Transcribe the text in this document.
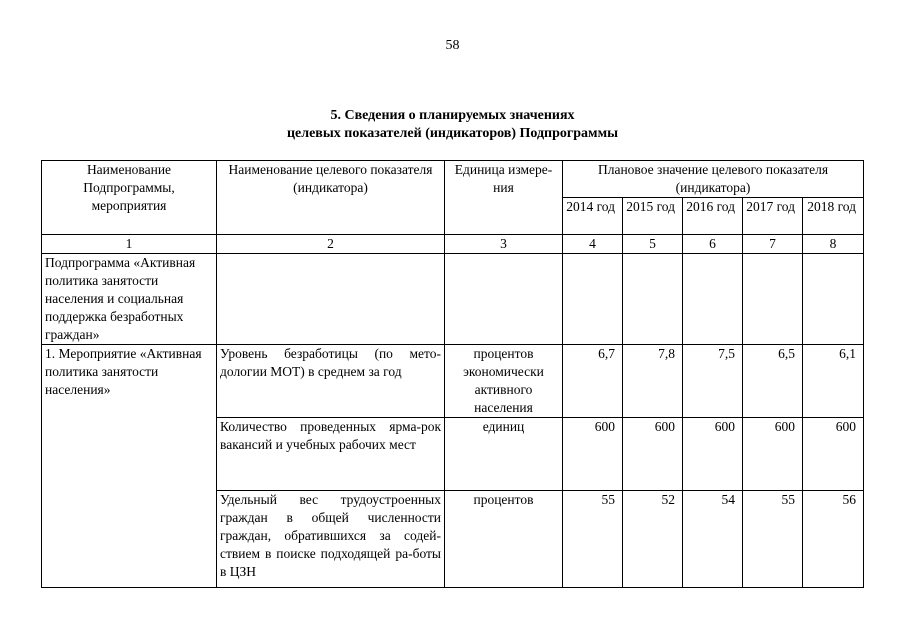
58
5. Сведения о планируемых значениях
целевых показателей (индикаторов) Подпрограммы
Наименование Подпрограммы, мероприятия	Наименование целевого показателя (индикатора)	Единица измере-ния	Плановое значение целевого показателя (индикатора)				
			2014 год	2015 год	2016 год	2017 год	2018 год
1	2	3	4	5	6	7	8
Подпрограмма «Активная политика занятости населения и социальная поддержка безработных граждан»							
1. Мероприятие «Активная политика занятости населения»	Уровень безработицы (по мето-дологии МОТ) в среднем за год	процентов экономически активного населения	6,7	7,8	7,5	6,5	6,1
	Количество проведенных ярма-рок вакансий и учебных рабочих мест	единиц	600	600	600	600	600
	Удельный вес трудоустроенных граждан в общей численности граждан, обратившихся за содей-ствием в поиске подходящей ра-боты в ЦЗН	процентов	55	52	54	55	56
